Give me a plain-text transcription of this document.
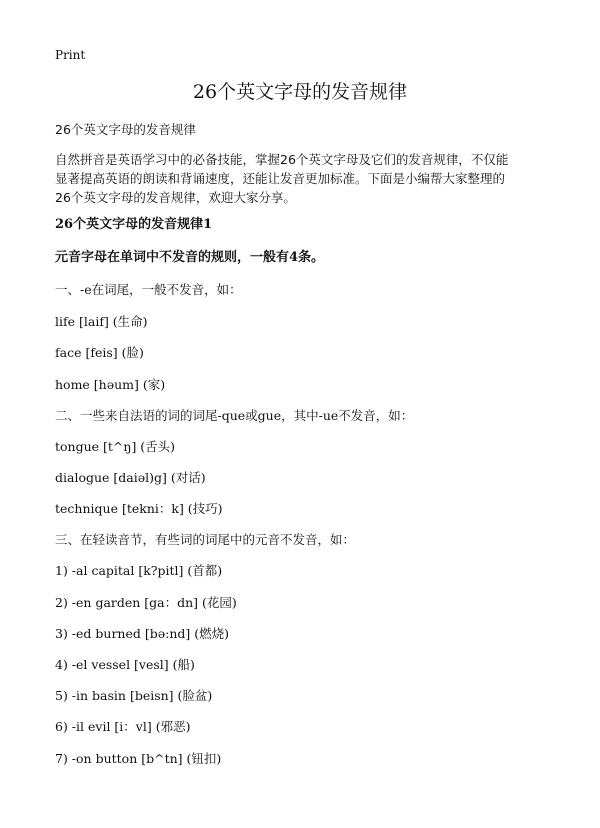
Print
26个英文字母的发音规律
26个英文字母的发音规律
自然拼音是英语学习中的必备技能，掌握26个英文字母及它们的发音规律，不仅能
显著提高英语的朗读和背诵速度，还能让发音更加标准。下面是小编帮大家整理的
26个英文字母的发音规律，欢迎大家分享。
26个英文字母的发音规律1
元音字母在单词中不发音的规则，一般有4条。
一、-e在词尾，一般不发音，如：
life [laif] (生命)
face [feis] (脸)
home [hәum] (家)
二、一些来自法语的词的词尾-que或gue，其中-ue不发音，如：
tongue [t^ŋ] (舌头)
dialogue [daiәl)g] (对话)
technique [tekni：k] (技巧)
三、在轻读音节，有些词的词尾中的元音不发音，如：
1) -al capital [k?pitl] (首都)
2) -en garden [ga：dn] (花园)
3) -ed burned [bә:nd] (燃烧)
4) -el vessel [vesl] (船)
5) -in basin [beisn] (脸盆)
6) -il evil [i：vl] (邪恶)
7) -on button [b^tn] (钮扣)
